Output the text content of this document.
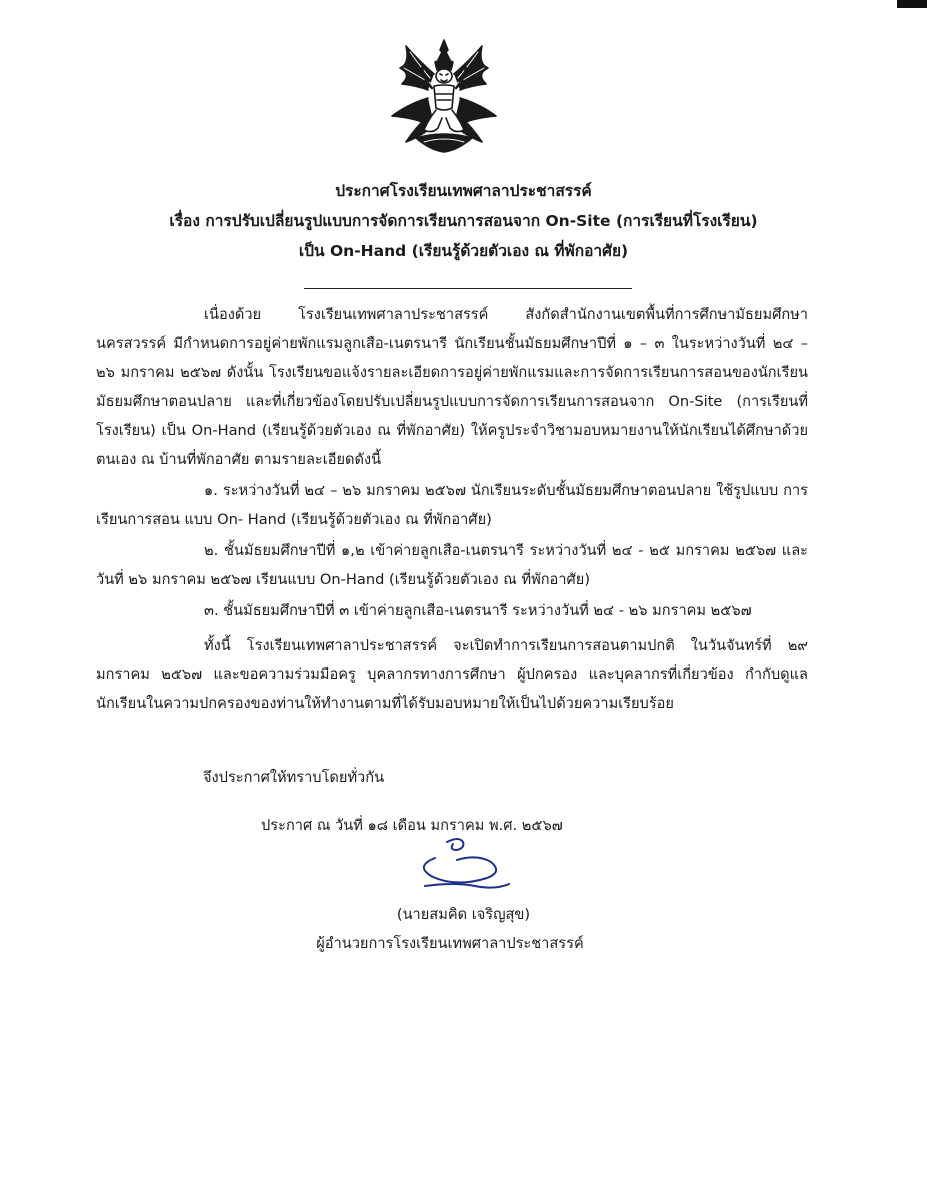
ประกาศโรงเรียนเทพศาลาประชาสรรค์
เรื่อง การปรับเปลี่ยนรูปแบบการจัดการเรียนการสอนจาก On-Site (การเรียนที่โรงเรียน)
เป็น On-Hand (เรียนรู้ด้วยตัวเอง ณ ที่พักอาศัย)

เนื่องด้วย โรงเรียนเทพศาลาประชาสรรค์ สังกัดสำนักงานเขตพื้นที่การศึกษามัธยมศึกษานครสวรรค์ มีกำหนดการอยู่ค่ายพักแรมลูกเสือ-เนตรนารี นักเรียนชั้นมัธยมศึกษาปีที่ ๑ – ๓ ในระหว่างวันที่ ๒๔ – ๒๖ มกราคม ๒๕๖๗ ดังนั้น โรงเรียนขอแจ้งรายละเอียดการอยู่ค่ายพักแรมและการจัดการเรียนการสอนของนักเรียนมัธยมศึกษาตอนปลาย และที่เกี่ยวข้องโดยปรับเปลี่ยนรูปแบบการจัดการเรียนการสอนจาก On-Site (การเรียนที่โรงเรียน) เป็น On-Hand (เรียนรู้ด้วยตัวเอง ณ ที่พักอาศัย) ให้ครูประจำวิชามอบหมายงานให้นักเรียนได้ศึกษาด้วยตนเอง ณ บ้านที่พักอาศัย ตามรายละเอียดดังนี้

๑. ระหว่างวันที่ ๒๔ – ๒๖ มกราคม ๒๕๖๗ นักเรียนระดับชั้นมัธยมศึกษาตอนปลาย ใช้รูปแบบ การเรียนการสอน แบบ On- Hand (เรียนรู้ด้วยตัวเอง ณ ที่พักอาศัย)

๒. ชั้นมัธยมศึกษาปีที่ ๑,๒ เข้าค่ายลูกเสือ-เนตรนารี ระหว่างวันที่ ๒๔ - ๒๕ มกราคม ๒๕๖๗ และวันที่ ๒๖ มกราคม ๒๕๖๗ เรียนแบบ On-Hand (เรียนรู้ด้วยตัวเอง ณ ที่พักอาศัย)

๓. ชั้นมัธยมศึกษาปีที่ ๓ เข้าค่ายลูกเสือ-เนตรนารี ระหว่างวันที่ ๒๔ - ๒๖ มกราคม ๒๕๖๗

ทั้งนี้ โรงเรียนเทพศาลาประชาสรรค์ จะเปิดทำการเรียนการสอนตามปกติ ในวันจันทร์ที่ ๒๙ มกราคม ๒๕๖๗ และขอความร่วมมือครู บุคลากรทางการศึกษา ผู้ปกครอง และบุคลากรที่เกี่ยวข้อง กำกับดูแล นักเรียนในความปกครองของท่านให้ทำงานตามที่ได้รับมอบหมายให้เป็นไปด้วยความเรียบร้อย

จึงประกาศให้ทราบโดยทั่วกัน
ประกาศ ณ วันที่ ๑๘ เดือน มกราคม พ.ศ. ๒๕๖๗
(นายสมคิด เจริญสุข)
ผู้อำนวยการโรงเรียนเทพศาลาประชาสรรค์
